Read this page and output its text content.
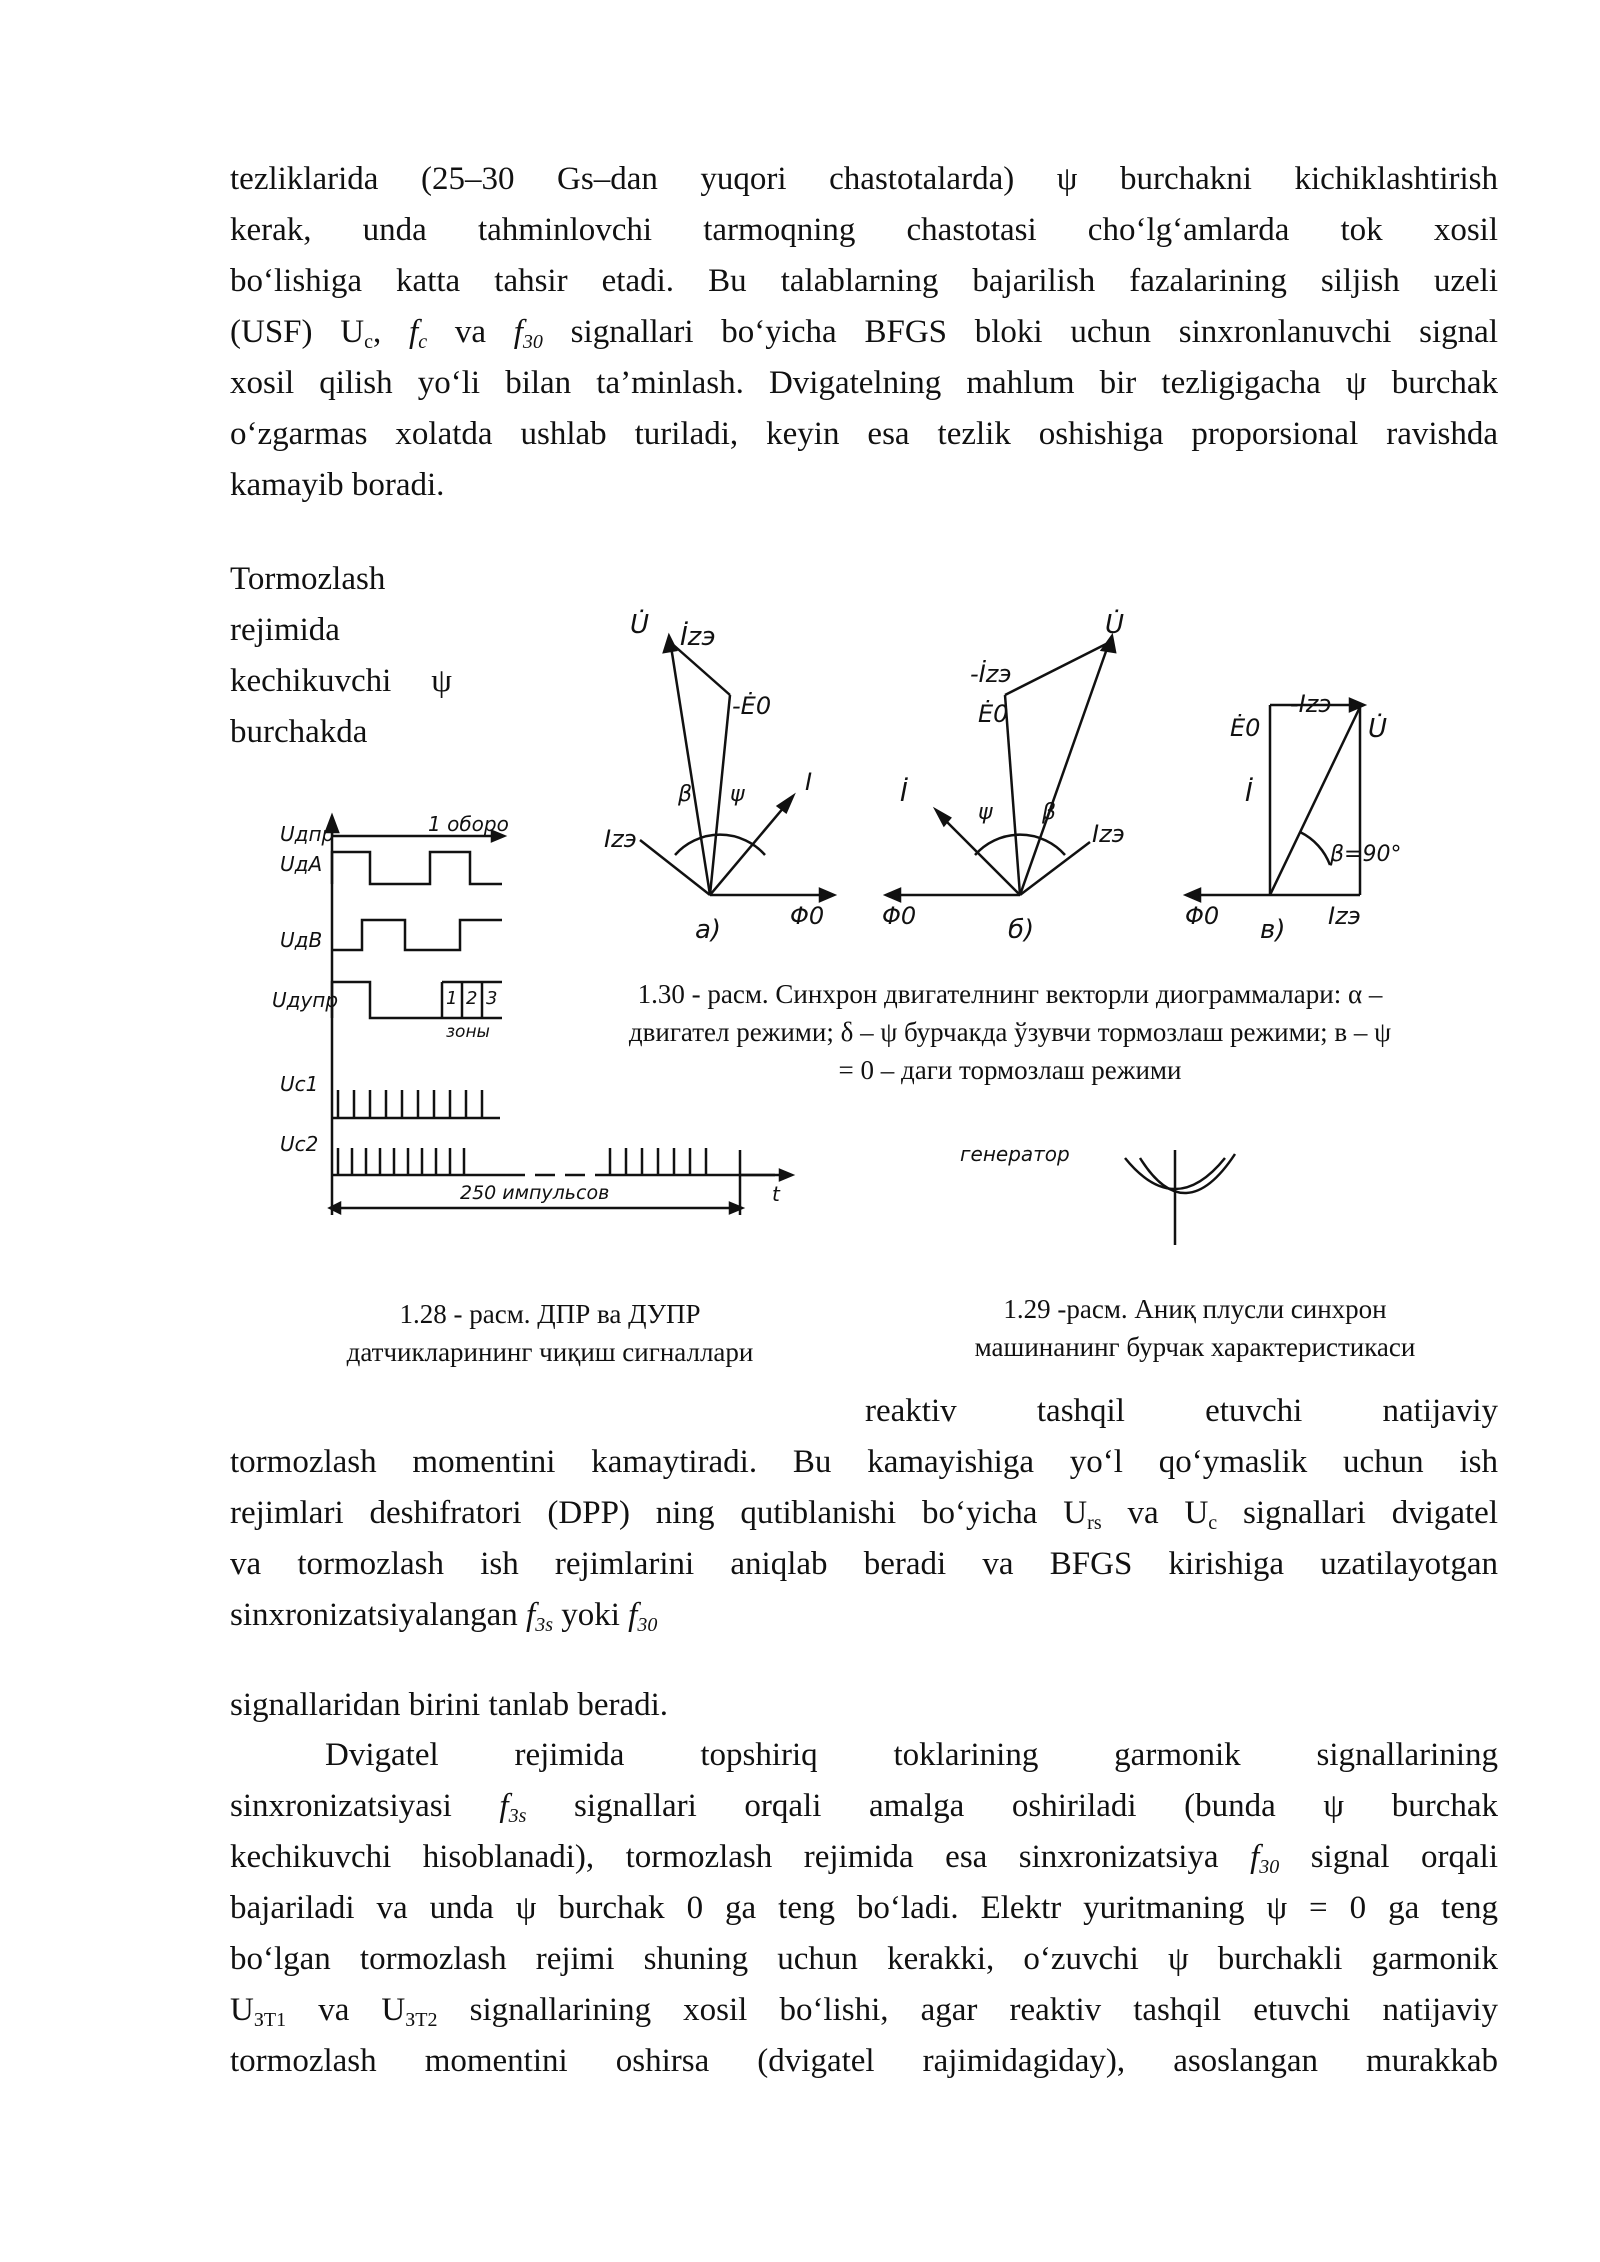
tezliklarida (25–30 Gs–dan yuqori chastotalarda) ψ burchakni kichiklashtirish
kerak, unda tahminlovchi tarmoqning chastotasi cho‘lg‘amlarda tok xosil
bo‘lishiga katta tahsir etadi. Bu talablarning bajarilish fazalarining siljish uzeli
(USF) $U_c$, $f_c$ va $f_{30}$ signallari bo‘yicha BFGS bloki uchun sinxronlanuvchi signal
xosil qilish yo‘li bilan ta’minlash. Dvigatelning mahlum bir tezligigacha ψ burchak
o‘zgarmas xolatda ushlab turiladi, keyin esa tezlik oshishiga proporsional ravishda
kamayib boradi.
Tormozlash
rejimida
kechikuvchi ψ
burchakda
Uдпр
UдA
UдB
Uдупр
Uc1
Uc2
1 оборо
1 2 3
зоны
250 импульсов	t
U̇ İzэ
-Ė0
β ψ	I
Izэ
Φ0
а)
-İzэ
Ė0
U̇
İ
ψ β
Izэ
Φ0	б)
-Izэ
Ė0	U̇
İ
β=90°
Izэ
Φ0 в)
1.30 - расм. Синхрон двигателнинг векторли диограммалари: α –
двигател режими; δ – ψ бурчакда ўзувчи тормозлаш режими; в – ψ
= 0 – даги тормозлаш режими
генератор
1.28 - расм. ДПР ва ДУПР
датчикларининг чиқиш сигналлари
1.29 -расм. Аниқ плусли синхрон
машинанинг бурчак характеристикаси
reaktiv tashqil etuvchi natijaviy
tormozlash momentini kamaytiradi. Bu kamayishiga yo‘l qo‘ymaslik uchun ish
rejimlari deshifratori (DPP) ning qutiblanishi bo‘yicha $U_{rs}$ va $U_c$ signallari dvigatel
va tormozlash ish rejimlarini aniqlab beradi va BFGS kirishiga uzatilayotgan
sinxronizatsiyalangan $f_{3s}$ yoki $f_{30}$
signallaridan birini tanlab beradi.
Dvigatel rejimida topshiriq toklarining garmonik signallarining
sinxronizatsiyasi $f_{3s}$ signallari orqali amalga oshiriladi (bunda ψ burchak
kechikuvchi hisoblanadi), tormozlash rejimida esa sinxronizatsiya $f_{30}$ signal orqali
bajariladi va unda ψ burchak 0 ga teng bo‘ladi. Elektr yuritmaning ψ = 0 ga teng
bo‘lgan tormozlash rejimi shuning uchun kerakki, o‘zuvchi ψ burchakli garmonik
$U_{ЗТ1}$ va $U_{ЗТ2}$ signallarining xosil bo‘lishi, agar reaktiv tashqil etuvchi natijaviy
tormozlash momentini oshirsa (dvigatel rajimidagiday), asoslangan murakkab
